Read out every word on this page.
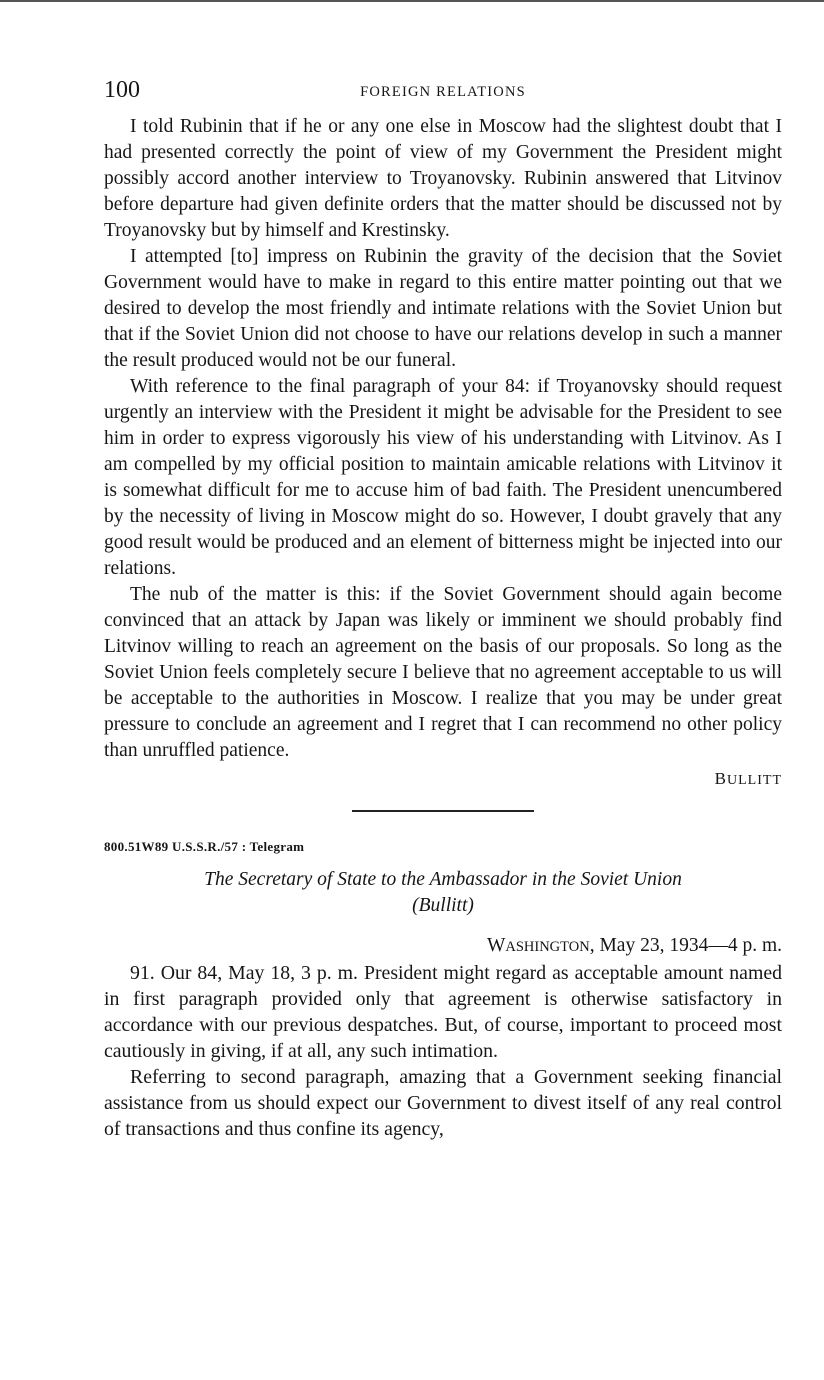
100	FOREIGN RELATIONS

I told Rubinin that if he or any one else in Moscow had the slightest doubt that I had presented correctly the point of view of my Government the President might possibly accord another interview to Troyanovsky. Rubinin answered that Litvinov before departure had given definite orders that the matter should be discussed not by Troyanovsky but by himself and Krestinsky.

I attempted [to] impress on Rubinin the gravity of the decision that the Soviet Government would have to make in regard to this entire matter pointing out that we desired to develop the most friendly and intimate relations with the Soviet Union but that if the Soviet Union did not choose to have our relations develop in such a manner the result produced would not be our funeral.

With reference to the final paragraph of your 84: if Troyanovsky should request urgently an interview with the President it might be advisable for the President to see him in order to express vigorously his view of his understanding with Litvinov. As I am compelled by my official position to maintain amicable relations with Litvinov it is somewhat difficult for me to accuse him of bad faith. The President unencumbered by the necessity of living in Moscow might do so. However, I doubt gravely that any good result would be produced and an element of bitterness might be injected into our relations.

The nub of the matter is this: if the Soviet Government should again become convinced that an attack by Japan was likely or imminent we should probably find Litvinov willing to reach an agreement on the basis of our proposals. So long as the Soviet Union feels completely secure I believe that no agreement acceptable to us will be acceptable to the authorities in Moscow. I realize that you may be under great pressure to conclude an agreement and I regret that I can recommend no other policy than unruffled patience.

BULLITT
800.51W89 U.S.S.R./57 : Telegram
The Secretary of State to the Ambassador in the Soviet Union
(Bullitt)
WASHINGTON, May 23, 1934—4 p. m.

91. Our 84, May 18, 3 p. m. President might regard as acceptable amount named in first paragraph provided only that agreement is otherwise satisfactory in accordance with our previous despatches. But, of course, important to proceed most cautiously in giving, if at all, any such intimation.

Referring to second paragraph, amazing that a Government seeking financial assistance from us should expect our Government to divest itself of any real control of transactions and thus confine its agency,
